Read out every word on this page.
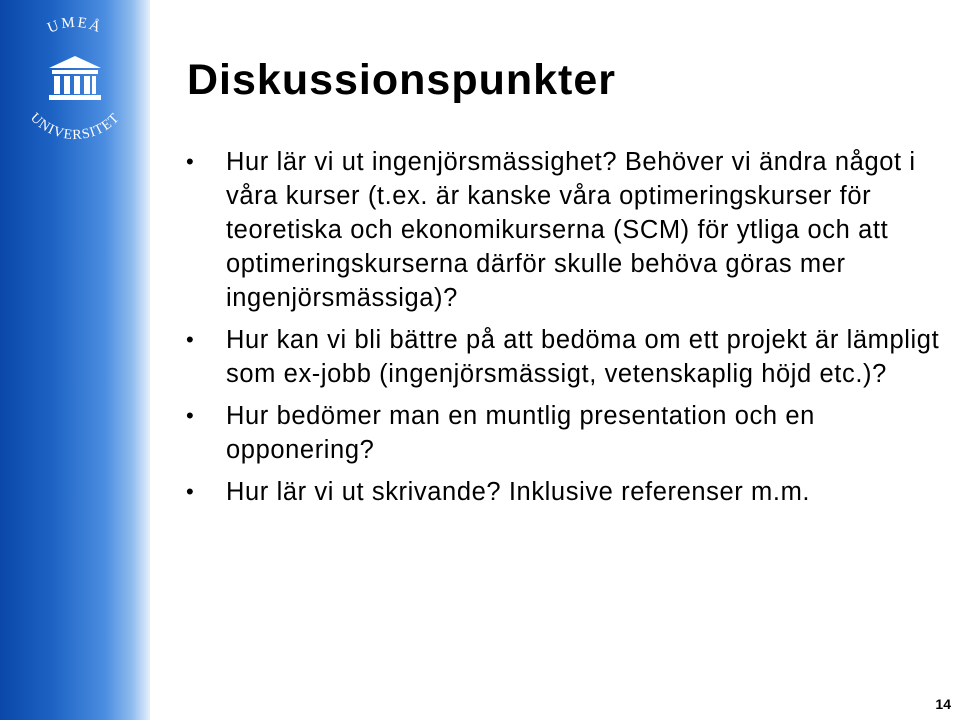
UMEÅ
UNIVERSITET
Diskussionspunkter
• Hur lär vi ut ingenjörsmässighet? Behöver vi ändra något i våra kurser (t.ex. är kanske våra optimeringskurser för teoretiska och ekonomikurserna (SCM) för ytliga och att optimeringskurserna därför skulle behöva göras mer ingenjörsmässiga)?
• Hur kan vi bli bättre på att bedöma om ett projekt är lämpligt som ex-jobb (ingenjörsmässigt, vetenskaplig höjd etc.)?
• Hur bedömer man en muntlig presentation och en opponering?
• Hur lär vi ut skrivande? Inklusive referenser m.m.
14
